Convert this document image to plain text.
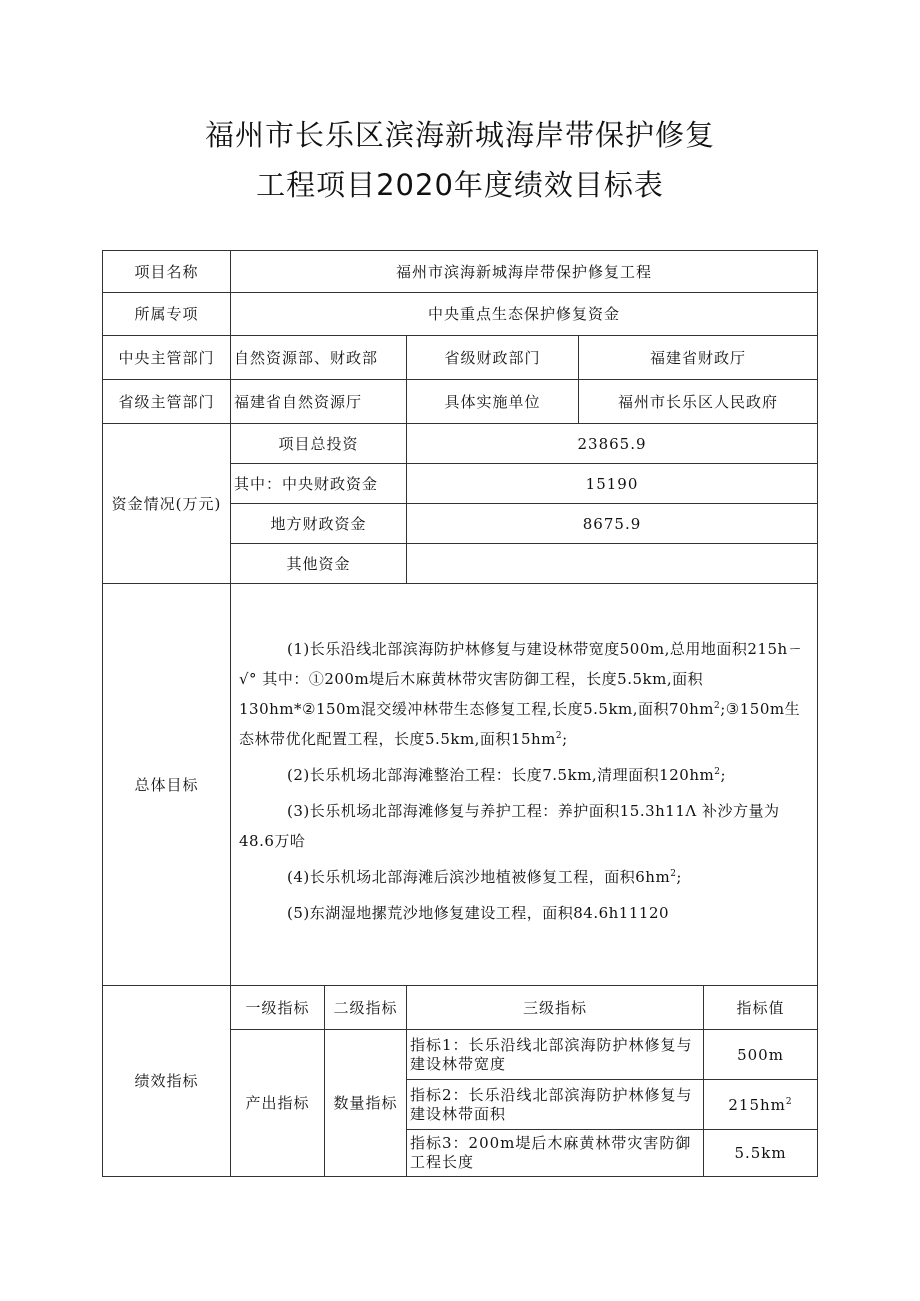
福州市长乐区滨海新城海岸带保护修复
工程项目2020年度绩效目标表
项目名称	福州市滨海新城海岸带保护修复工程				
所属专项	中央重点生态保护修复资金				
中央主管部门	自然资源部、财政部		省级财政部门	福建省财政厅	
省级主管部门	福建省自然资源厅		具体实施单位	福州市长乐区人民政府	
资金情况(万元)	项目总投资		23865.9		
	其中：中央财政资金		15190		
	地方财政资金		8675.9		
	其他资金				
总体目标	(1)长乐沿线北部滨海防护林修复与建设林带宽度500m,总用地面积215hㄧ√° 其中：①200m堤后木麻黄林带灾害防御工程，长度5.5km,面积130hm*②150m混交缓冲林带生态修复工程,长度5.5km,面积$70hm^2;③150m$生态林带优化配置工程，长度5.5km,面积$15hm^2$;

(2)长乐机场北部海滩整治工程：长度7.5km,清理面积$120hm^2$;

(3)长乐机场北部海滩修复与养护工程：养护面积15.3h11Λ 补沙方量为48.6万哈

(4)长乐机场北部海滩后滨沙地植被修复工程，面积$6hm^2$;

(5)东湖湿地摞荒沙地修复建设工程，面积84.6h11120				

绩效指标	一级指标	二级指标	三级指标		指标值
	产出指标	数量指标	指标1：长乐沿线北部滨海防护林修复与建设林带宽度		500m
			指标2：长乐沿线北部滨海防护林修复与建设林带面积		$215hm^2$
			指标3：200m堤后木麻黄林带灾害防御工程长度		5.5km
